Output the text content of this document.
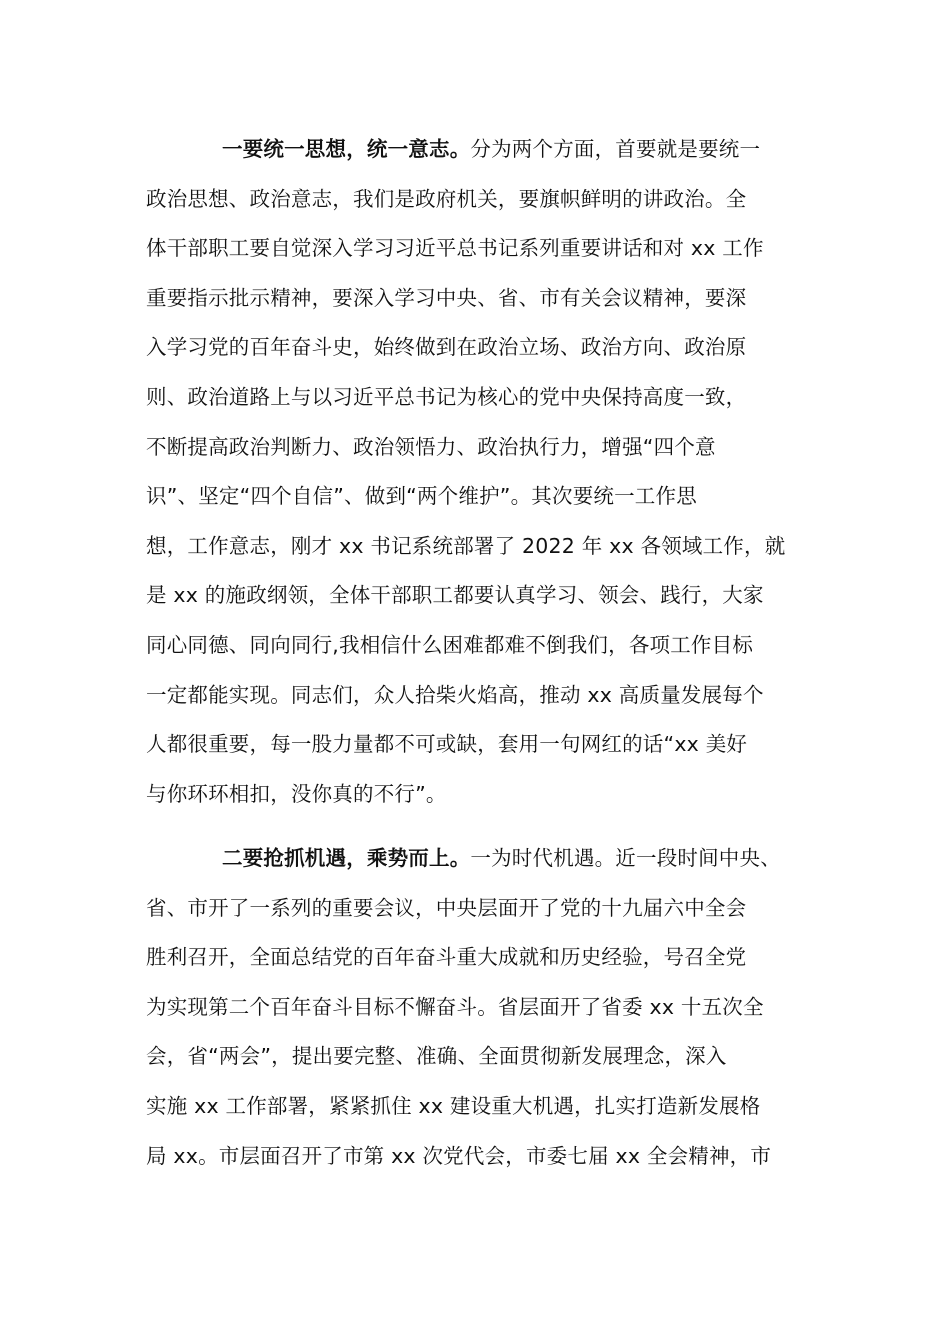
一要统一思想，统一意志。分为两个方面，首要就是要统一
政治思想、政治意志，我们是政府机关，要旗帜鲜明的讲政治。全
体干部职工要自觉深入学习习近平总书记系列重要讲话和对 xx 工作
重要指示批示精神，要深入学习中央、省、市有关会议精神，要深
入学习党的百年奋斗史，始终做到在政治立场、政治方向、政治原
则、政治道路上与以习近平总书记为核心的党中央保持高度一致，
不断提高政治判断力、政治领悟力、政治执行力，增强“四个意
识”、坚定“四个自信”、做到“两个维护”。其次要统一工作思
想，工作意志，刚才 xx 书记系统部署了 2022 年 xx 各领域工作，就
是 xx 的施政纲领，全体干部职工都要认真学习、领会、践行，大家
同心同德、同向同行,我相信什么困难都难不倒我们，各项工作目标
一定都能实现。同志们，众人拾柴火焰高，推动 xx 高质量发展每个
人都很重要，每一股力量都不可或缺，套用一句网红的话“xx 美好
与你环环相扣，没你真的不行”。
二要抢抓机遇，乘势而上。一为时代机遇。近一段时间中央、
省、市开了一系列的重要会议，中央层面开了党的十九届六中全会
胜利召开，全面总结党的百年奋斗重大成就和历史经验，号召全党
为实现第二个百年奋斗目标不懈奋斗。省层面开了省委 xx 十五次全
会，省“两会”，提出要完整、准确、全面贯彻新发展理念，深入
实施 xx 工作部署，紧紧抓住 xx 建设重大机遇，扎实打造新发展格
局 xx。市层面召开了市第 xx 次党代会，市委七届 xx 全会精神，市
